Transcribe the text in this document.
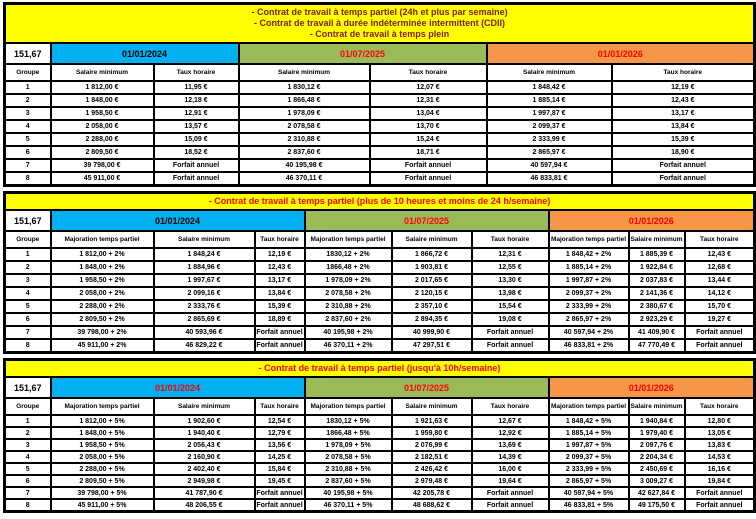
- Contrat de travail à temps partiel (24h et plus par semaine)
- Contrat de travail à durée indéterminée intermittent (CDII)
- Contrat de travail à temps plein						

151,67	01/01/2024		01/07/2025		01/01/2026	
Groupe	Salaire minimum	Taux horaire	Salaire minimum	Taux horaire	Salaire minimum	Taux horaire
1	1 812,00 €	11,95 €	1 830,12 €	12,07 €	1 848,42 €	12,19 €
2	1 848,00 €	12,18 €	1 866,48 €	12,31 €	1 885,14 €	12,43 €
3	1 958,50 €	12,91 €	1 978,09 €	13,04 €	1 997,87 €	13,17 €
4	2 058,00 €	13,57 €	2 078,58 €	13,70 €	2 099,37 €	13,84 €
5	2 288,00 €	15,09 €	2 310,88 €	15,24 €	2 333,99 €	15,39 €
6	2 809,50 €	18,52 €	2 837,60 €	18,71 €	2 865,97 €	18,90 €
7	39 798,00 €	Forfait annuel	40 195,98 €	Forfait annuel	40 597,94 €	Forfait annuel
8	45 911,00 €	Forfait annuel	46 370,11 €	Forfait annuel	46 833,81 €	Forfait annuel
- Contrat de travail à temps partiel (plus de 10 heures et moins de 24 h/semaine)									

151,67	01/01/2024			01/07/2025			01/01/2026		
Groupe	Majoration temps partiel	Salaire minimum	Taux horaire	Majoration temps partiel	Salaire minimum	Taux horaire	Majoration temps partiel	Salaire minimum	Taux horaire
1	1 812,00 + 2%	1 848,24 €	12,19 €	1830,12 + 2%	1 866,72 €	12,31 €	1 848,42 + 2%	1 885,39 €	12,43 €
2	1 848,00 + 2%	1 884,96 €	12,43 €	1866,48 + 2%	1 903,81 €	12,55 €	1 885,14 + 2%	1 922,84 €	12,68 €
3	1 958,50 + 2%	1 997,67 €	13,17 €	1 978,09 + 2%	2 017,65 €	13,30 €	1 997,87 + 2%	2 037,83 €	13,44 €
4	2 058,00 + 2%	2 099,16 €	13,84 €	2 078,58 + 2%	2 120,15 €	13,98 €	2 099,37 + 2%	2 141,36 €	14,12 €
5	2 288,00 + 2%	2 333,76 €	15,39 €	2 310,88 + 2%	2 357,10 €	15,54 €	2 333,99 + 2%	2 380,67 €	15,70 €
6	2 809,50 + 2%	2 865,69 €	18,89 €	2 837,60 + 2%	2 894,35 €	19,08 €	2 865,97 + 2%	2 923,29 €	19,27 €
7	39 798,00 + 2%	40 593,96 €	Forfait annuel	40 195,98 + 2%	40 999,90 €	Forfait annuel	40 597,94 + 2%	41 409,90 €	Forfait annuel
8	45 911,00 + 2%	46 829,22 €	Forfait annuel	46 370,11 + 2%	47 297,51 €	Forfait annuel	46 833,81 + 2%	47 770,49 €	Forfait annuel
- Contrat de travail à temps partiel (jusqu'à 10h/semaine)									

151,67	01/01/2024			01/07/2025			01/01/2026		
Groupe	Majoration temps partiel	Salaire minimum	Taux horaire	Majoration temps partiel	Salaire minimum	Taux horaire	Majoration temps partiel	Salaire minimum	Taux horaire
1	1 812,00 + 5%	1 902,60 €	12,54 €	1830,12 + 5%	1 921,63 €	12,67 €	1 848,42 + 5%	1 940,84 €	12,80 €
2	1 848,00 + 5%	1 940,40 €	12,79 €	1866,48 + 5%	1 959,80 €	12,92 €	1 885,14 + 5%	1 979,40 €	13,05 €
3	1 958,50 + 5%	2 056,43 €	13,56 €	1 978,09 + 5%	2 076,99 €	13,69 €	1 997,87 + 5%	2 097,76 €	13,83 €
4	2 058,00 + 5%	2 160,90 €	14,25 €	2 078,58 + 5%	2 182,51 €	14,39 €	2 099,37 + 5%	2 204,34 €	14,53 €
5	2 288,00 + 5%	2 402,40 €	15,84 €	2 310,88 + 5%	2 426,42 €	16,00 €	2 333,99 + 5%	2 450,69 €	16,16 €
6	2 809,50 + 5%	2 949,98 €	19,45 €	2 837,60 + 5%	2 979,48 €	19,64 €	2 865,97 + 5%	3 009,27 €	19,84 €
7	39 798,00 + 5%	41 787,90 €	Forfait annuel	40 195,98 + 5%	42 205,78 €	Forfait annuel	40 597,94 + 5%	42 627,84 €	Forfait annuel
8	45 911,00 + 5%	48 206,55 €	Forfait annuel	46 370,11 + 5%	48 688,62 €	Forfait annuel	46 833,81 + 5%	49 175,50 €	Forfait annuel
